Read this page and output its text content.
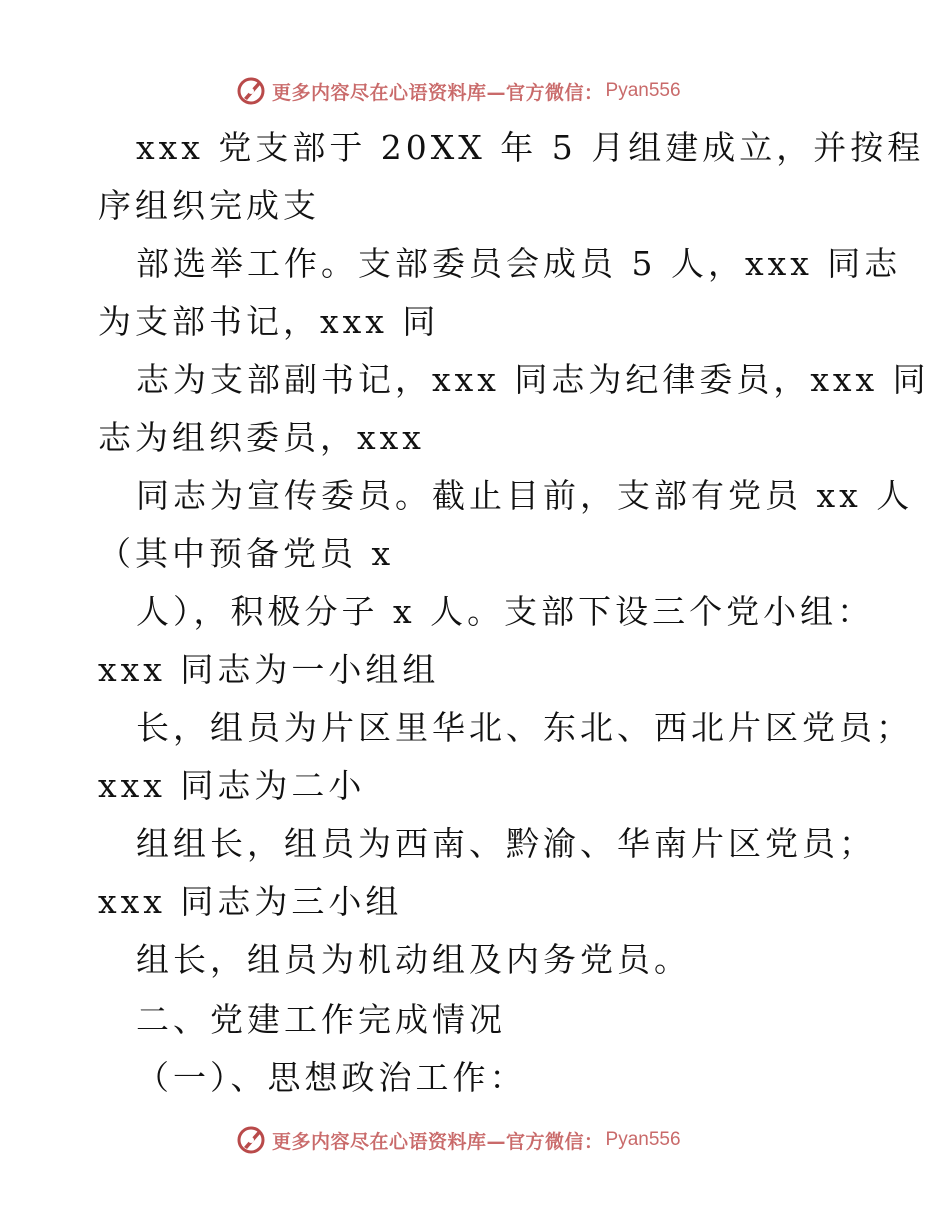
更多内容尽在心语资料库—官方微信： Pyan556
xxx 党支部于 20XX 年 5 月组建成立，并按程
序组织完成支
部选举工作。支部委员会成员 5 人，xxx 同志
为支部书记，xxx 同
志为支部副书记，xxx 同志为纪律委员，xxx 同
志为组织委员，xxx
同志为宣传委员。截止目前，支部有党员 xx 人
（其中预备党员 x
人），积极分子 x 人。支部下设三个党小组：
xxx 同志为一小组组
长，组员为片区里华北、东北、西北片区党员；
xxx 同志为二小
组组长，组员为西南、黔渝、华南片区党员；
xxx 同志为三小组
组长，组员为机动组及内务党员。
二、党建工作完成情况
（一）、思想政治工作：
更多内容尽在心语资料库—官方微信： Pyan556
